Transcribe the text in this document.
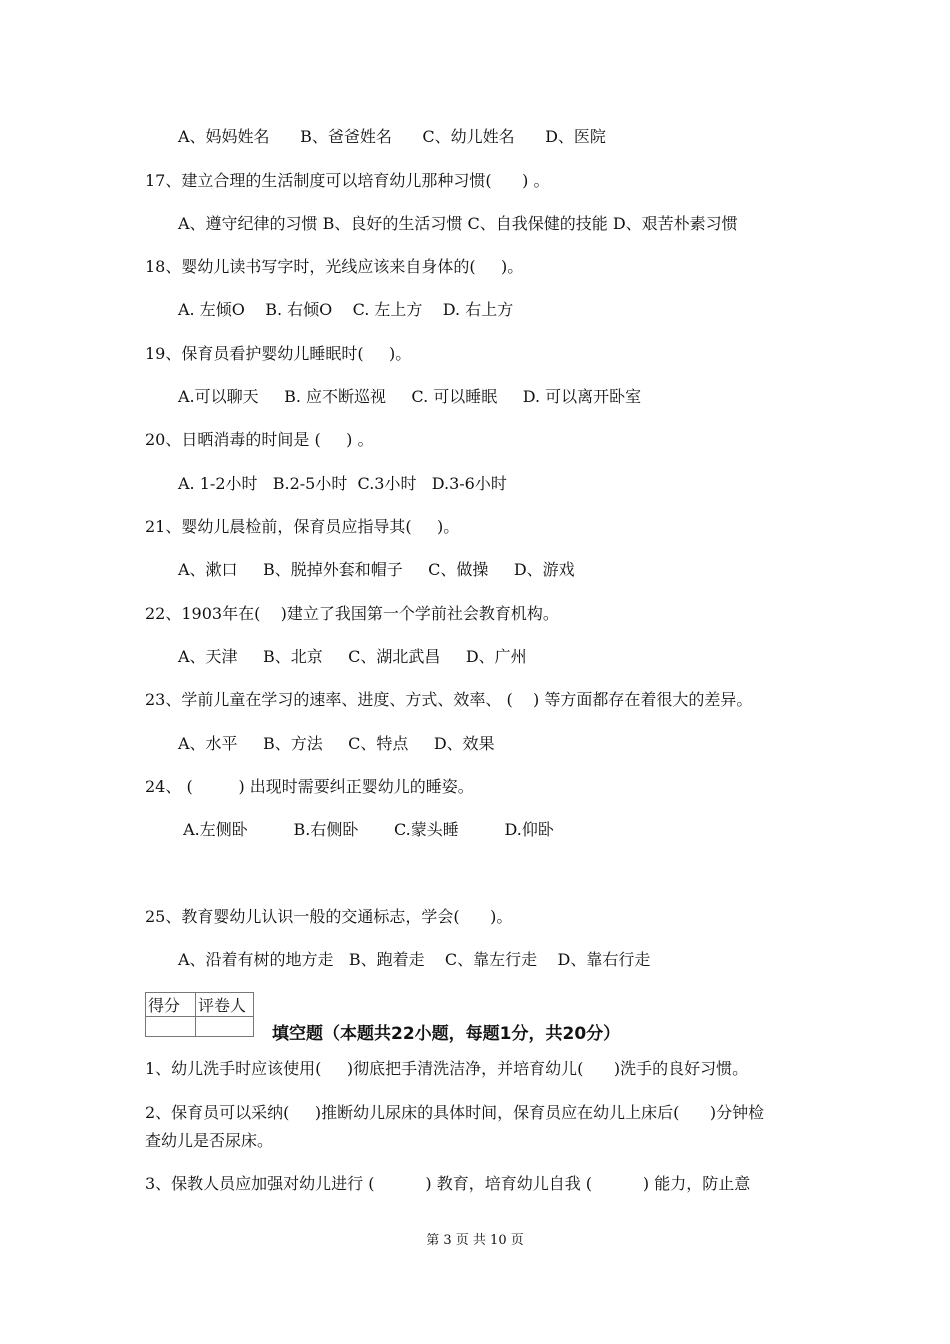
A、妈妈姓名      B、爸爸姓名      C、幼儿姓名      D、医院
17、建立合理的生活制度可以培育幼儿那种习惯(      ) 。
A、遵守纪律的习惯 B、良好的生活习惯 C、自我保健的技能 D、艰苦朴素习惯
18、婴幼儿读书写字时，光线应该来自身体的(     )。
A. 左倾O    B. 右倾O    C. 左上方    D. 右上方
19、保育员看护婴幼儿睡眠时(     )。
A.可以聊天     B. 应不断巡视     C. 可以睡眠     D. 可以离开卧室
20、日晒消毒的时间是 (     ) 。
A. 1-2小时   B.2-5小时  C.3小时   D.3-6小时
21、婴幼儿晨检前，保育员应指导其(     )。
A、漱口     B、脱掉外套和帽子     C、做操     D、游戏
22、1903年在(    )建立了我国第一个学前社会教育机构。
A、天津     B、北京     C、湖北武昌     D、广州
23、学前儿童在学习的速率、进度、方式、效率、 (    ) 等方面都存在着很大的差异。
A、水平     B、方法     C、特点     D、效果
24、 (         ) 出现时需要纠正婴幼儿的睡姿。
A.左侧卧         B.右侧卧       C.蒙头睡         D.仰卧
25、教育婴幼儿认识一般的交通标志，学会(      )。
A、沿着有树的地方走   B、跑着走    C、靠左行走    D、靠右行走
得分	评卷人

填空题（本题共22小题，每题1分，共20分）
1、幼儿洗手时应该使用(     )彻底把手清洗洁净，并培育幼儿(      )洗手的良好习惯。
2、保育员可以采纳(     )推断幼儿尿床的具体时间，保育员应在幼儿上床后(      )分钟检
查幼儿是否尿床。
3、保教人员应加强对幼儿进行 (          ) 教育，培育幼儿自我 (          ) 能力，防止意
第 3 页 共 10 页
